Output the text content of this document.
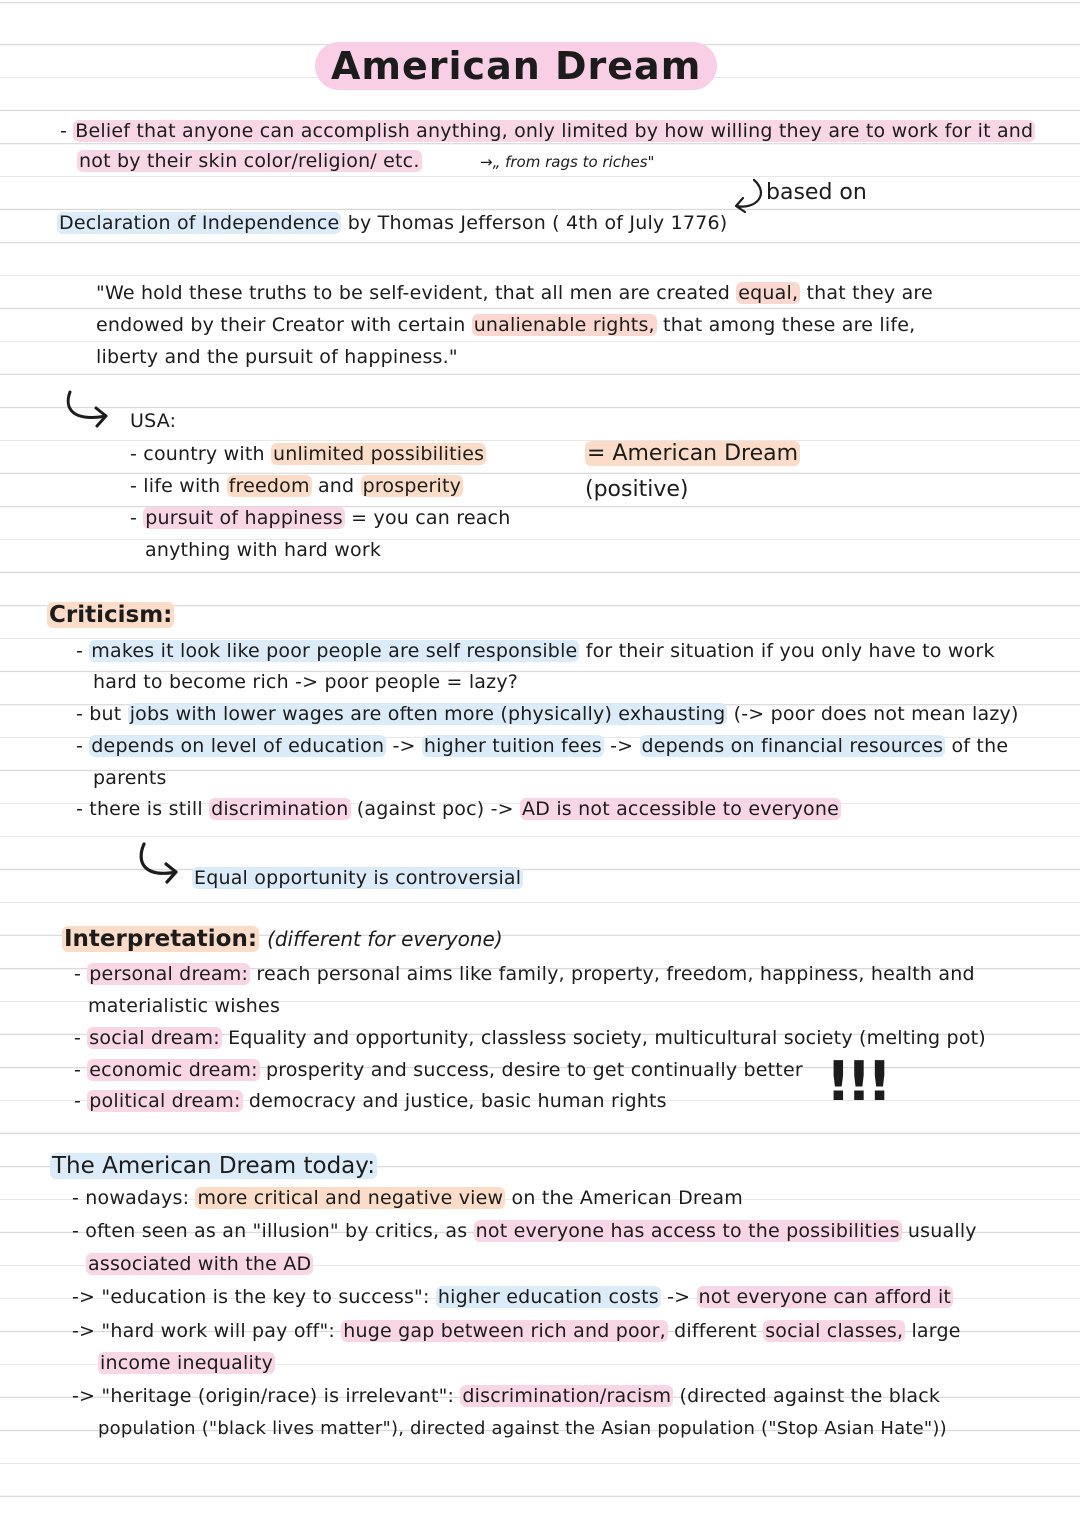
American Dream
- Belief that anyone can accomplish anything, only limited by how willing they are to work for it and
not by their skin color/religion/ etc.	→„ from rags to riches"
based on
Declaration of Independence by Thomas Jefferson ( 4th of July 1776)
"We hold these truths to be self-evident, that all men are created equal, that they are
endowed by their Creator with certain unalienable rights, that among these are life,
liberty and the pursuit of happiness."
USA:
- country with unlimited possibilities
- life with freedom and prosperity
- pursuit of happiness = you can reach
anything with hard work
= American Dream
(positive)
Criticism:
- makes it look like poor people are self responsible for their situation if you only have to work
hard to become rich -> poor people = lazy?
- but jobs with lower wages are often more (physically) exhausting (-> poor does not mean lazy)
- depends on level of education -> higher tuition fees -> depends on financial resources of the
parents
- there is still discrimination (against poc) -> AD is not accessible to everyone
Equal opportunity is controversial
Interpretation: (different for everyone)
- personal dream: reach personal aims like family, property, freedom, happiness, health and
materialistic wishes
- social dream: Equality and opportunity, classless society, multicultural society (melting pot)
- economic dream: prosperity and success, desire to get continually better
- political dream: democracy and justice, basic human rights	!!!
The American Dream today:
- nowadays: more critical and negative view on the American Dream
- often seen as an "illusion" by critics, as not everyone has access to the possibilities usually
associated with the AD
-> "education is the key to success": higher education costs -> not everyone can afford it
-> "hard work will pay off": huge gap between rich and poor, different social classes, large
income inequality
-> "heritage (origin/race) is irrelevant": discrimination/racism (directed against the black
population ("black lives matter"), directed against the Asian population ("Stop Asian Hate"))
